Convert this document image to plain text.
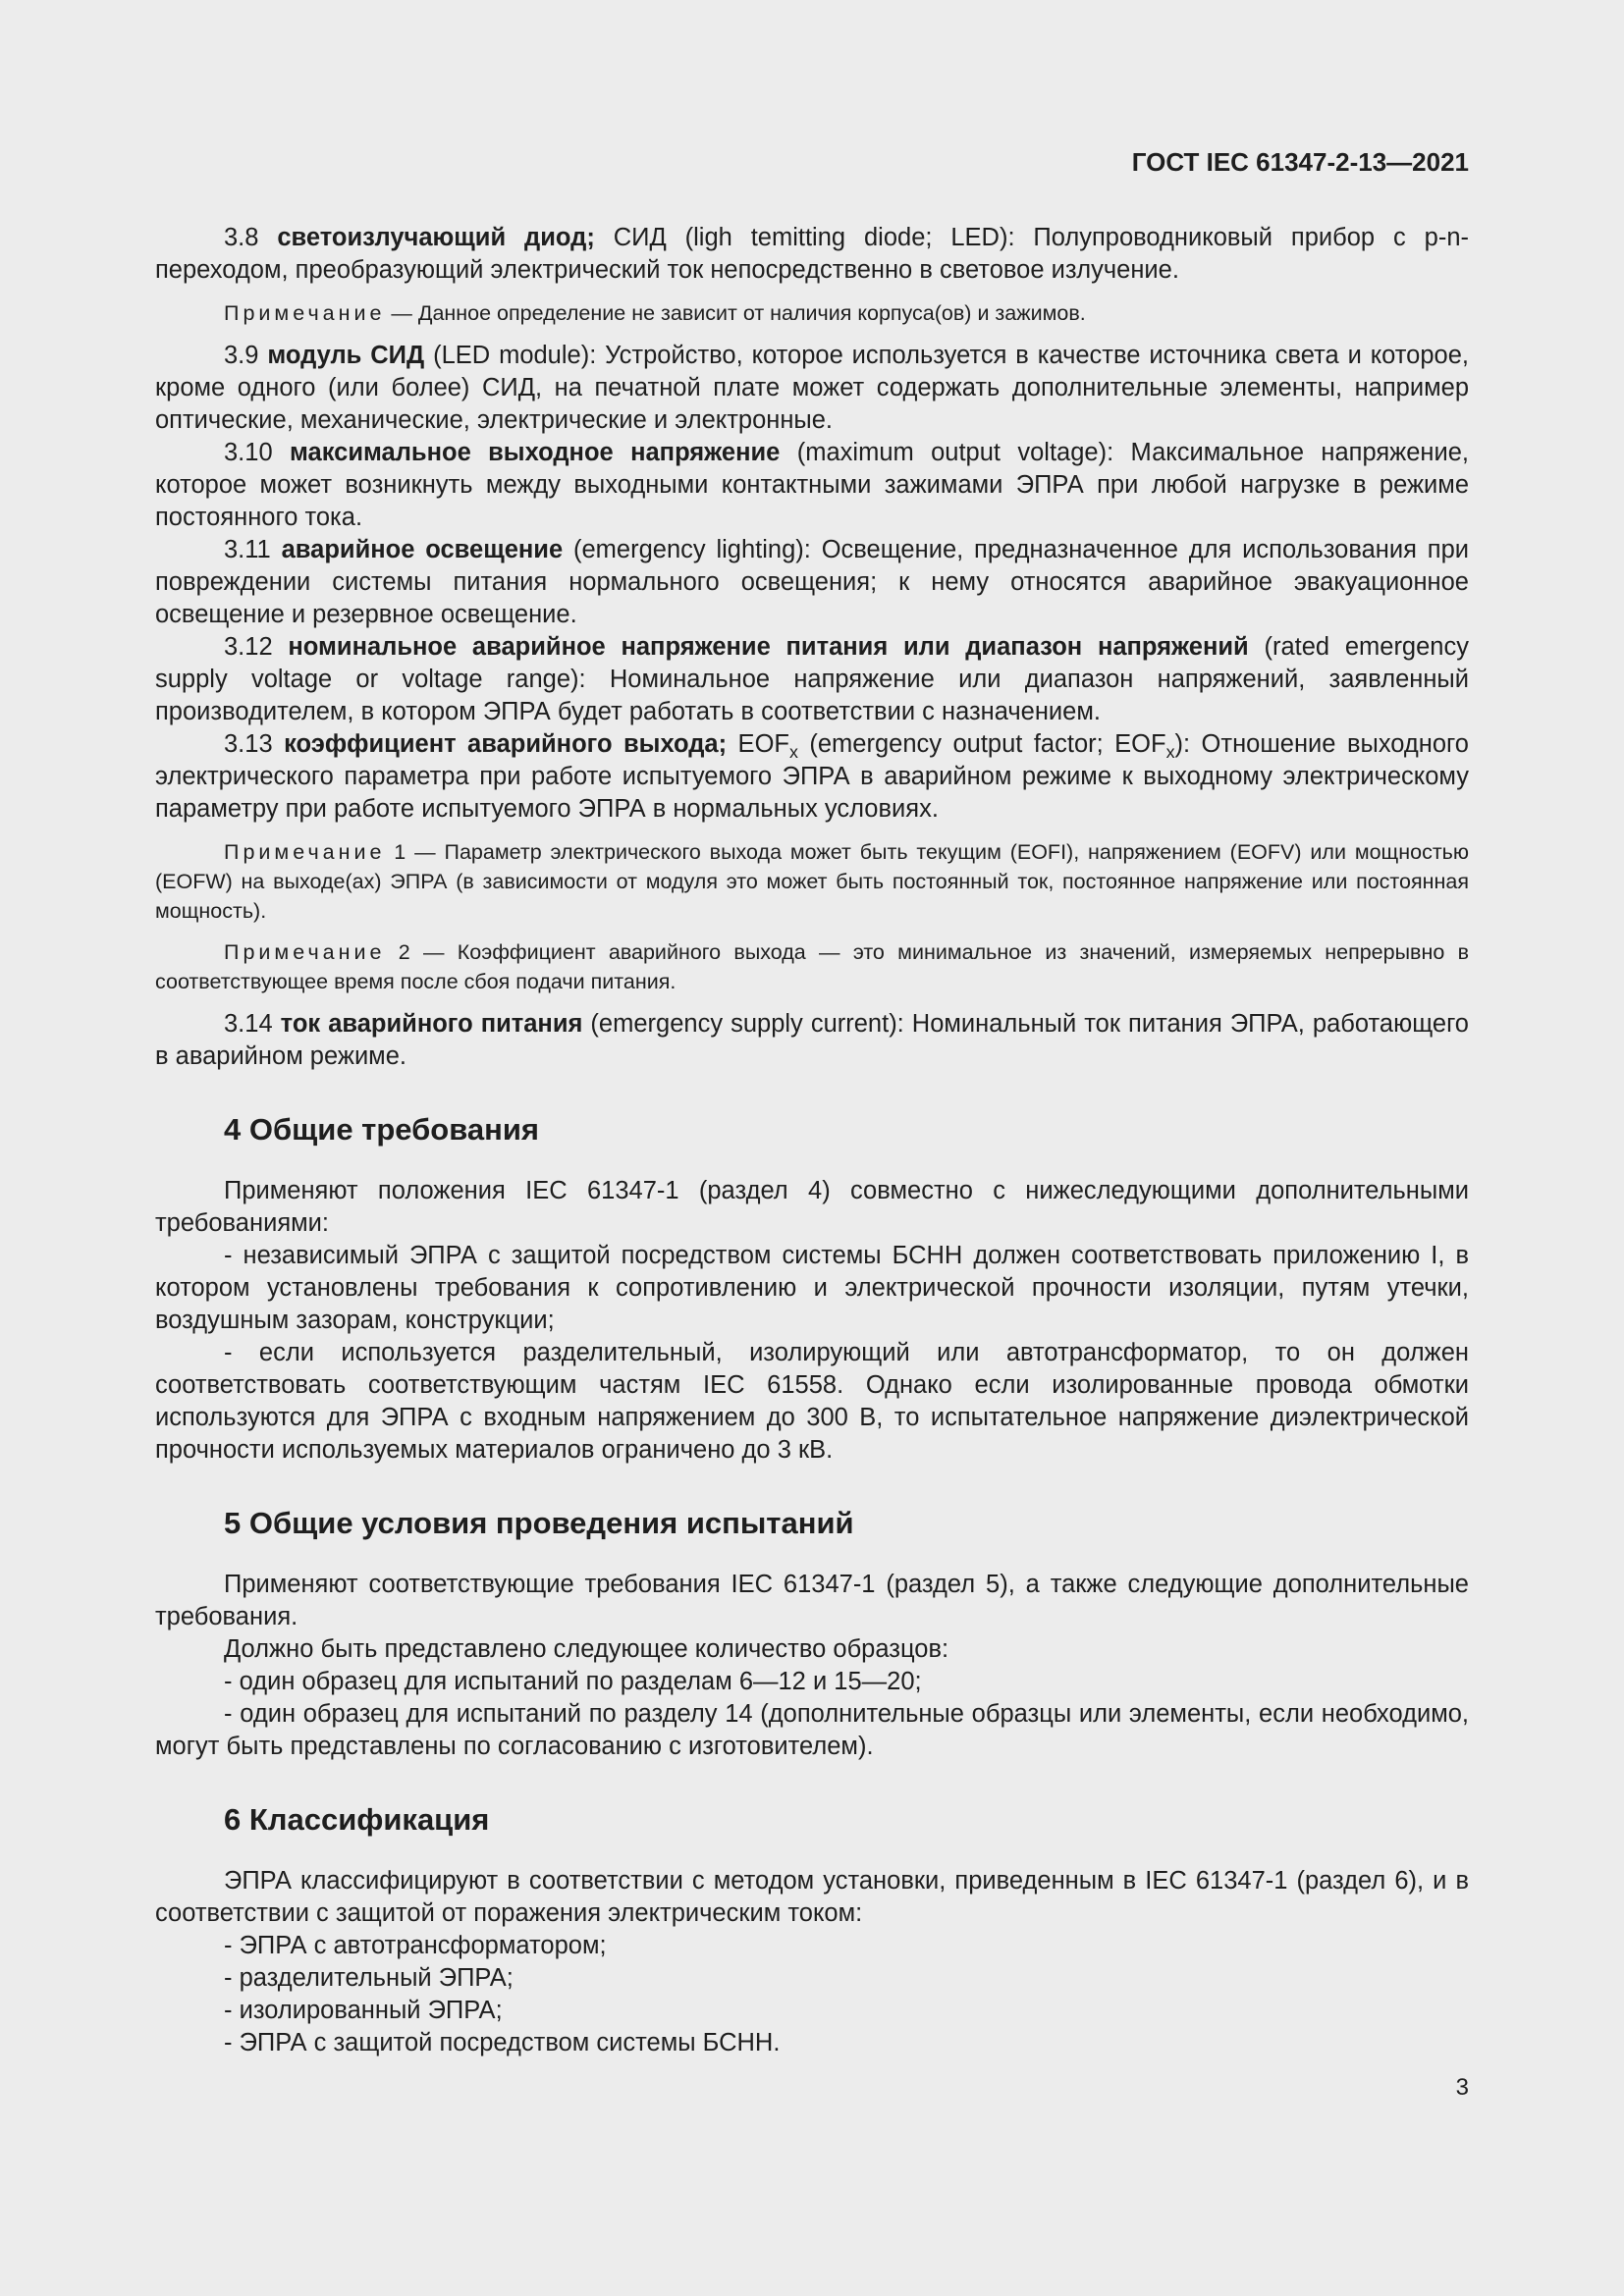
ГОСТ IEC 61347-2-13—2021

3.8 светоизлучающий диод; СИД (ligh temitting diode; LED): Полупроводниковый прибор с p-n-переходом, преобразующий электрический ток непосредственно в световое излучение.

Примечание — Данное определение не зависит от наличия корпуса(ов) и зажимов.

3.9 модуль СИД (LED module): Устройство, которое используется в качестве источника света и которое, кроме одного (или более) СИД, на печатной плате может содержать дополнительные элементы, например оптические, механические, электрические и электронные.

3.10 максимальное выходное напряжение (maximum output voltage): Максимальное напряжение, которое может возникнуть между выходными контактными зажимами ЭПРА при любой нагрузке в режиме постоянного тока.

3.11 аварийное освещение (emergency lighting): Освещение, предназначенное для использования при повреждении системы питания нормального освещения; к нему относятся аварийное эвакуационное освещение и резервное освещение.

3.12 номинальное аварийное напряжение питания или диапазон напряжений (rated emergency supply voltage or voltage range): Номинальное напряжение или диапазон напряжений, заявленный производителем, в котором ЭПРА будет работать в соответствии с назначением.

3.13 коэффициент аварийного выхода; $EOF_x$ (emergency output factor; $EOF_x$): Отношение выходного электрического параметра при работе испытуемого ЭПРА в аварийном режиме к выходному электрическому параметру при работе испытуемого ЭПРА в нормальных условиях.

Примечание 1 — Параметр электрического выхода может быть текущим (EOFI), напряжением (EOFV) или мощностью (EOFW) на выходе(ах) ЭПРА (в зависимости от модуля это может быть постоянный ток, постоянное напряжение или постоянная мощность).

Примечание 2 — Коэффициент аварийного выхода — это минимальное из значений, измеряемых непрерывно в соответствующее время после сбоя подачи питания.

3.14 ток аварийного питания (emergency supply current): Номинальный ток питания ЭПРА, работающего в аварийном режиме.

4 Общие требования

Применяют положения IEC 61347-1 (раздел 4) совместно с нижеследующими дополнительными требованиями:

- независимый ЭПРА с защитой посредством системы БСНН должен соответствовать приложению I, в котором установлены требования к сопротивлению и электрической прочности изоляции, путям утечки, воздушным зазорам, конструкции;

- если используется разделительный, изолирующий или автотрансформатор, то он должен соответствовать соответствующим частям IEC 61558. Однако если изолированные провода обмотки используются для ЭПРА с входным напряжением до 300 В, то испытательное напряжение диэлектрической прочности используемых материалов ограничено до 3 кВ.

5 Общие условия проведения испытаний

Применяют соответствующие требования IEC 61347-1 (раздел 5), а также следующие дополнительные требования.

Должно быть представлено следующее количество образцов:

- один образец для испытаний по разделам 6—12 и 15—20;

- один образец для испытаний по разделу 14 (дополнительные образцы или элементы, если необходимо, могут быть представлены по согласованию с изготовителем).

6 Классификация

ЭПРА классифицируют в соответствии с методом установки, приведенным в IEC 61347-1 (раздел 6), и в соответствии с защитой от поражения электрическим током:

- ЭПРА с автотрансформатором;

- разделительный ЭПРА;

- изолированный ЭПРА;

- ЭПРА с защитой посредством системы БСНН.

3
